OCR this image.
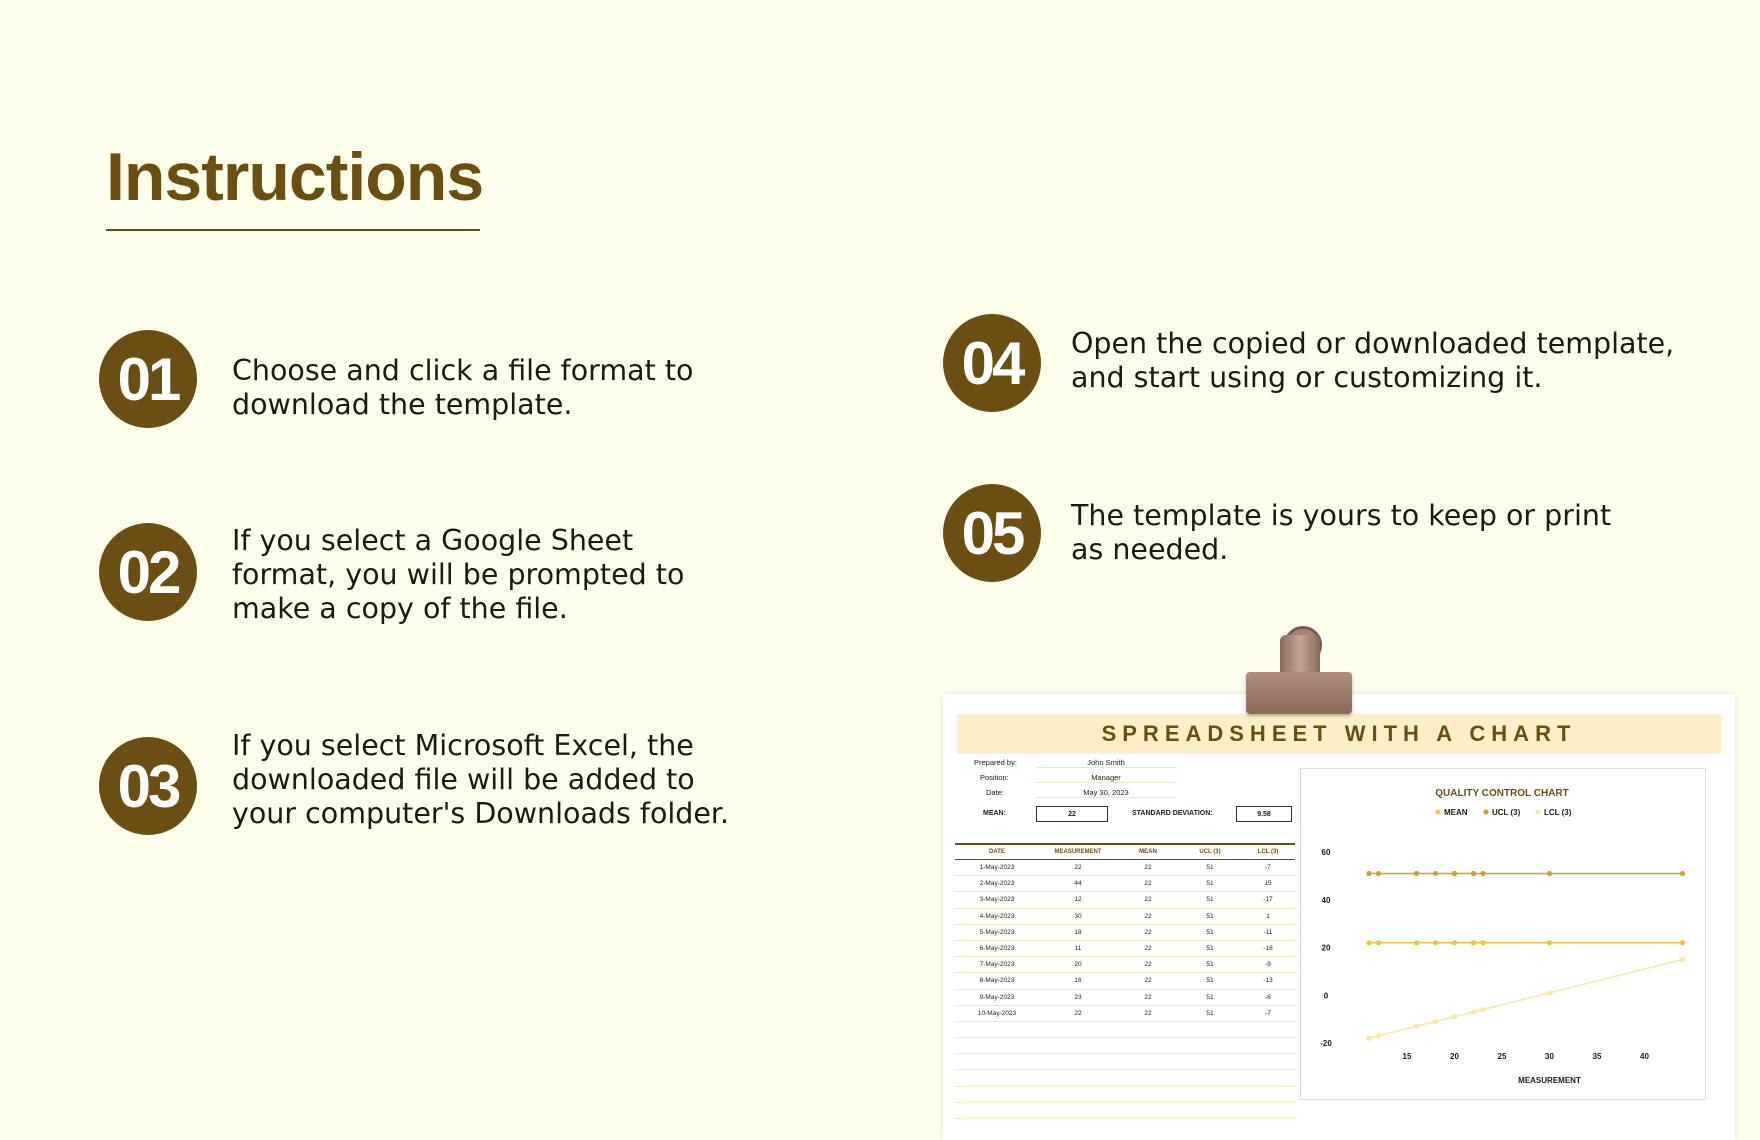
Instructions
01	Choose and click a file format to
download the template.
02	If you select a Google Sheet
format, you will be prompted to
make a copy of the file.
03
If you select Microsoft Excel, the
downloaded file will be added to
your computer's Downloads folder.
04	Open the copied or downloaded template,
and start using or customizing it.
05	The template is yours to keep or print
as needed.
SPREADSHEET WITH A CHART
Prepared by:	John Smith
Position:	Manager
Date:	May 30, 2023
MEAN:	22	STANDARD DEVIATION:	9.58
DATE	MEASUREMENT	MEAN	UCL (3)	LCL (3)
1-May-2023	22	22	51	-7
2-May-2023	44	22	51	15
3-May-2023	12	22	51	-17
4-May-2023	30	22	51	1
5-May-2023	18	22	51	-11
6-May-2023	11	22	51	-18
7-May-2023	20	22	51	-9
8-May-2023	16	22	51	-13
9-May-2023	23	22	51	-6
10-May-2023	22	22	51	-7
QUALITY CONTROL CHART
MEAN	UCL (3)	LCL (3)
60
40
20
0
-20
15	20	25	30	35	40
MEASUREMENT
